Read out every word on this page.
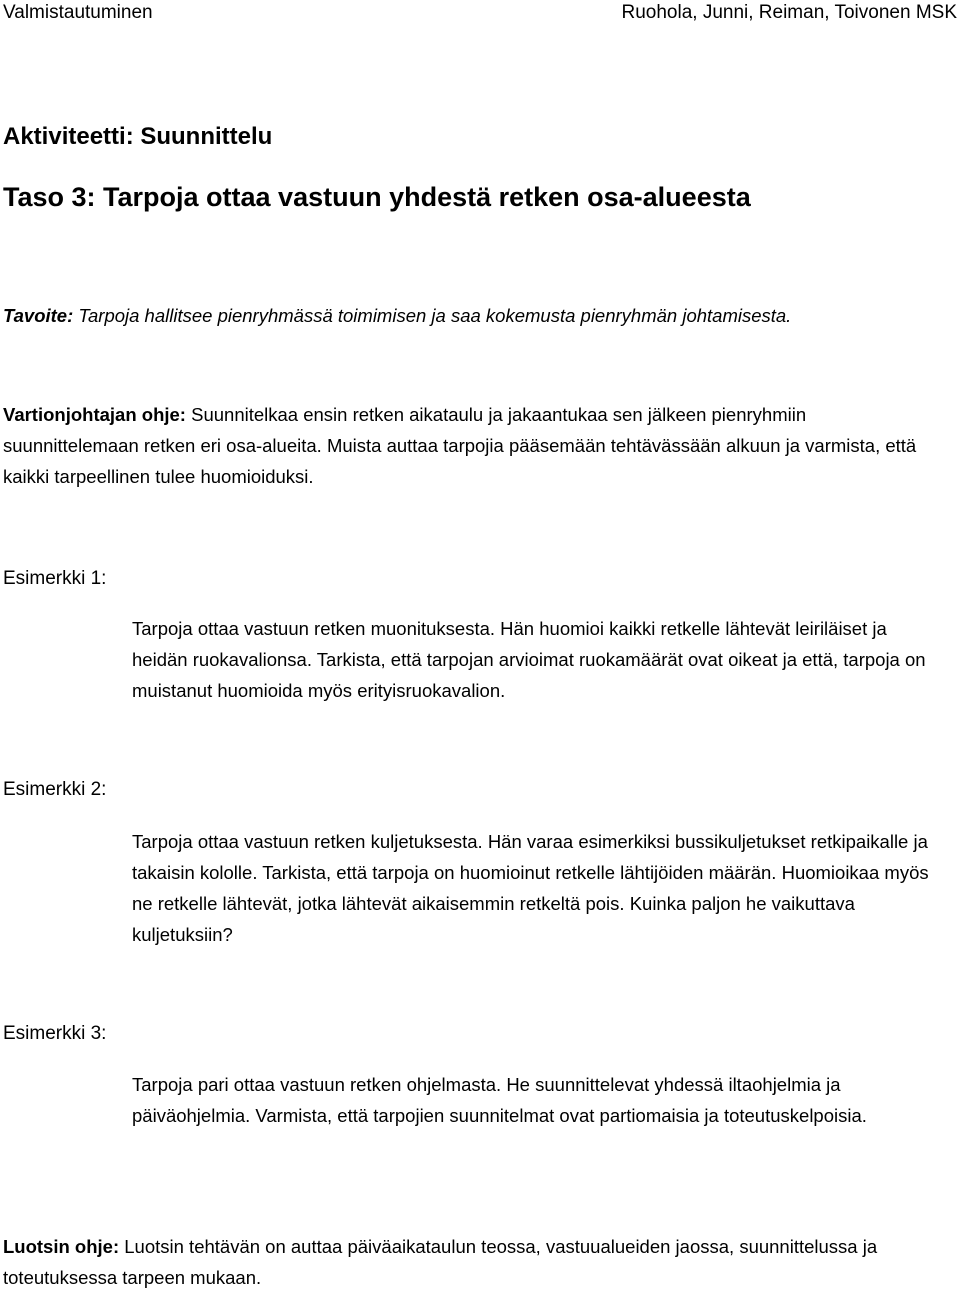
Valmistautuminen	Ruohola, Junni, Reiman, Toivonen MSK
Aktiviteetti: Suunnittelu
Taso 3: Tarpoja ottaa vastuun yhdestä retken osa-alueesta
Tavoite: Tarpoja hallitsee pienryhmässä toimimisen ja saa kokemusta pienryhmän johtamisesta.
Vartionjohtajan ohje: Suunnitelkaa ensin retken aikataulu ja jakaantukaa sen jälkeen pienryhmiin suunnittelemaan retken eri osa-alueita. Muista auttaa tarpojia pääsemään tehtävässään alkuun ja varmista, että kaikki tarpeellinen tulee huomioiduksi.
Esimerkki 1:
Tarpoja ottaa vastuun retken muonituksesta. Hän huomioi kaikki retkelle lähtevät leiriläiset ja heidän ruokavalionsa. Tarkista, että tarpojan arvioimat ruokamäärät ovat oikeat ja että, tarpoja on muistanut huomioida myös erityisruokavalion.
Esimerkki 2:
Tarpoja ottaa vastuun retken kuljetuksesta. Hän varaa esimerkiksi bussikuljetukset retkipaikalle ja takaisin kololle. Tarkista, että tarpoja on huomioinut retkelle lähtijöiden määrän. Huomioikaa myös ne retkelle lähtevät, jotka lähtevät aikaisemmin retkeltä pois. Kuinka paljon he vaikuttava kuljetuksiin?
Esimerkki 3:
Tarpoja pari ottaa vastuun retken ohjelmasta. He suunnittelevat yhdessä iltaohjelmia ja päiväohjelmia. Varmista, että tarpojien suunnitelmat ovat partiomaisia ja toteutuskelpoisia.
Luotsin ohje: Luotsin tehtävän on auttaa päiväaikataulun teossa, vastuualueiden jaossa, suunnittelussa ja toteutuksessa tarpeen mukaan.
